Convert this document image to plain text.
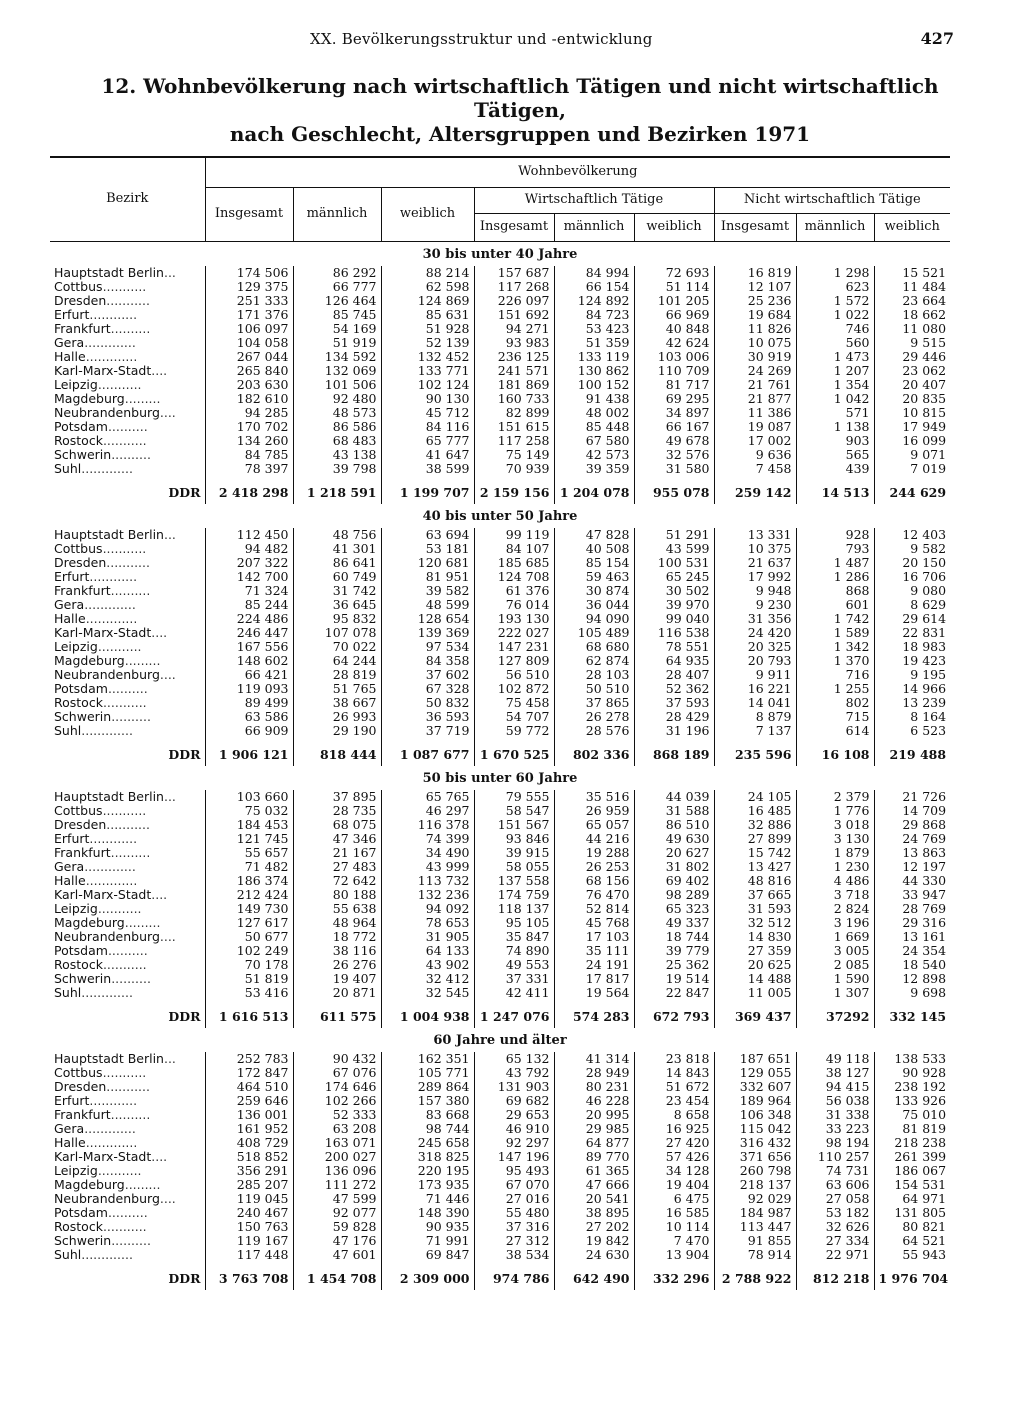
XX. Bevölkerungsstruktur und -entwicklung	427
12. Wohnbevölkerung nach wirtschaftlich Tätigen und nicht wirtschaftlich Tätigen,
nach Geschlecht, Altersgruppen und Bezirken 1971
Bezirk	Wohnbevölkerung								
	Insgesamt	männlich	weiblich	Wirtschaftlich Tätige			Nicht wirtschaftlich Tätige		
				Insgesamt	männlich	weiblich	Insgesamt	männlich	weiblich
30 bis unter 40 Jahre									
Hauptstadt Berlin...	174 506	86 292	88 214	157 687	84 994	72 693	16 819	1 298	15 521
Cottbus...........	129 375	66 777	62 598	117 268	66 154	51 114	12 107	623	11 484
Dresden...........	251 333	126 464	124 869	226 097	124 892	101 205	25 236	1 572	23 664
Erfurt............	171 376	85 745	85 631	151 692	84 723	66 969	19 684	1 022	18 662
Frankfurt..........	106 097	54 169	51 928	94 271	53 423	40 848	11 826	746	11 080
Gera.............	104 058	51 919	52 139	93 983	51 359	42 624	10 075	560	9 515
Halle.............	267 044	134 592	132 452	236 125	133 119	103 006	30 919	1 473	29 446
Karl-Marx-Stadt....	265 840	132 069	133 771	241 571	130 862	110 709	24 269	1 207	23 062
Leipzig...........	203 630	101 506	102 124	181 869	100 152	81 717	21 761	1 354	20 407
Magdeburg.........	182 610	92 480	90 130	160 733	91 438	69 295	21 877	1 042	20 835
Neubrandenburg....	94 285	48 573	45 712	82 899	48 002	34 897	11 386	571	10 815
Potsdam..........	170 702	86 586	84 116	151 615	85 448	66 167	19 087	1 138	17 949
Rostock...........	134 260	68 483	65 777	117 258	67 580	49 678	17 002	903	16 099
Schwerin..........	84 785	43 138	41 647	75 149	42 573	32 576	9 636	565	9 071
Suhl.............	78 397	39 798	38 599	70 939	39 359	31 580	7 458	439	7 019
DDR	2 418 298	1 218 591	1 199 707	2 159 156	1 204 078	955 078	259 142	14 513	244 629
40 bis unter 50 Jahre									
Hauptstadt Berlin...	112 450	48 756	63 694	99 119	47 828	51 291	13 331	928	12 403
Cottbus...........	94 482	41 301	53 181	84 107	40 508	43 599	10 375	793	9 582
Dresden...........	207 322	86 641	120 681	185 685	85 154	100 531	21 637	1 487	20 150
Erfurt............	142 700	60 749	81 951	124 708	59 463	65 245	17 992	1 286	16 706
Frankfurt..........	71 324	31 742	39 582	61 376	30 874	30 502	9 948	868	9 080
Gera.............	85 244	36 645	48 599	76 014	36 044	39 970	9 230	601	8 629
Halle.............	224 486	95 832	128 654	193 130	94 090	99 040	31 356	1 742	29 614
Karl-Marx-Stadt....	246 447	107 078	139 369	222 027	105 489	116 538	24 420	1 589	22 831
Leipzig...........	167 556	70 022	97 534	147 231	68 680	78 551	20 325	1 342	18 983
Magdeburg.........	148 602	64 244	84 358	127 809	62 874	64 935	20 793	1 370	19 423
Neubrandenburg....	66 421	28 819	37 602	56 510	28 103	28 407	9 911	716	9 195
Potsdam..........	119 093	51 765	67 328	102 872	50 510	52 362	16 221	1 255	14 966
Rostock...........	89 499	38 667	50 832	75 458	37 865	37 593	14 041	802	13 239
Schwerin..........	63 586	26 993	36 593	54 707	26 278	28 429	8 879	715	8 164
Suhl.............	66 909	29 190	37 719	59 772	28 576	31 196	7 137	614	6 523
DDR	1 906 121	818 444	1 087 677	1 670 525	802 336	868 189	235 596	16 108	219 488
50 bis unter 60 Jahre									
Hauptstadt Berlin...	103 660	37 895	65 765	79 555	35 516	44 039	24 105	2 379	21 726
Cottbus...........	75 032	28 735	46 297	58 547	26 959	31 588	16 485	1 776	14 709
Dresden...........	184 453	68 075	116 378	151 567	65 057	86 510	32 886	3 018	29 868
Erfurt............	121 745	47 346	74 399	93 846	44 216	49 630	27 899	3 130	24 769
Frankfurt..........	55 657	21 167	34 490	39 915	19 288	20 627	15 742	1 879	13 863
Gera.............	71 482	27 483	43 999	58 055	26 253	31 802	13 427	1 230	12 197
Halle.............	186 374	72 642	113 732	137 558	68 156	69 402	48 816	4 486	44 330
Karl-Marx-Stadt....	212 424	80 188	132 236	174 759	76 470	98 289	37 665	3 718	33 947
Leipzig...........	149 730	55 638	94 092	118 137	52 814	65 323	31 593	2 824	28 769
Magdeburg.........	127 617	48 964	78 653	95 105	45 768	49 337	32 512	3 196	29 316
Neubrandenburg....	50 677	18 772	31 905	35 847	17 103	18 744	14 830	1 669	13 161
Potsdam..........	102 249	38 116	64 133	74 890	35 111	39 779	27 359	3 005	24 354
Rostock...........	70 178	26 276	43 902	49 553	24 191	25 362	20 625	2 085	18 540
Schwerin..........	51 819	19 407	32 412	37 331	17 817	19 514	14 488	1 590	12 898
Suhl.............	53 416	20 871	32 545	42 411	19 564	22 847	11 005	1 307	9 698
DDR	1 616 513	611 575	1 004 938	1 247 076	574 283	672 793	369 437	37292	332 145
60 Jahre und älter									
Hauptstadt Berlin...	252 783	90 432	162 351	65 132	41 314	23 818	187 651	49 118	138 533
Cottbus...........	172 847	67 076	105 771	43 792	28 949	14 843	129 055	38 127	90 928
Dresden...........	464 510	174 646	289 864	131 903	80 231	51 672	332 607	94 415	238 192
Erfurt............	259 646	102 266	157 380	69 682	46 228	23 454	189 964	56 038	133 926
Frankfurt..........	136 001	52 333	83 668	29 653	20 995	8 658	106 348	31 338	75 010
Gera.............	161 952	63 208	98 744	46 910	29 985	16 925	115 042	33 223	81 819
Halle.............	408 729	163 071	245 658	92 297	64 877	27 420	316 432	98 194	218 238
Karl-Marx-Stadt....	518 852	200 027	318 825	147 196	89 770	57 426	371 656	110 257	261 399
Leipzig...........	356 291	136 096	220 195	95 493	61 365	34 128	260 798	74 731	186 067
Magdeburg.........	285 207	111 272	173 935	67 070	47 666	19 404	218 137	63 606	154 531
Neubrandenburg....	119 045	47 599	71 446	27 016	20 541	6 475	92 029	27 058	64 971
Potsdam..........	240 467	92 077	148 390	55 480	38 895	16 585	184 987	53 182	131 805
Rostock...........	150 763	59 828	90 935	37 316	27 202	10 114	113 447	32 626	80 821
Schwerin..........	119 167	47 176	71 991	27 312	19 842	7 470	91 855	27 334	64 521
Suhl.............	117 448	47 601	69 847	38 534	24 630	13 904	78 914	22 971	55 943
DDR	3 763 708	1 454 708	2 309 000	974 786	642 490	332 296	2 788 922	812 218	1 976 704
